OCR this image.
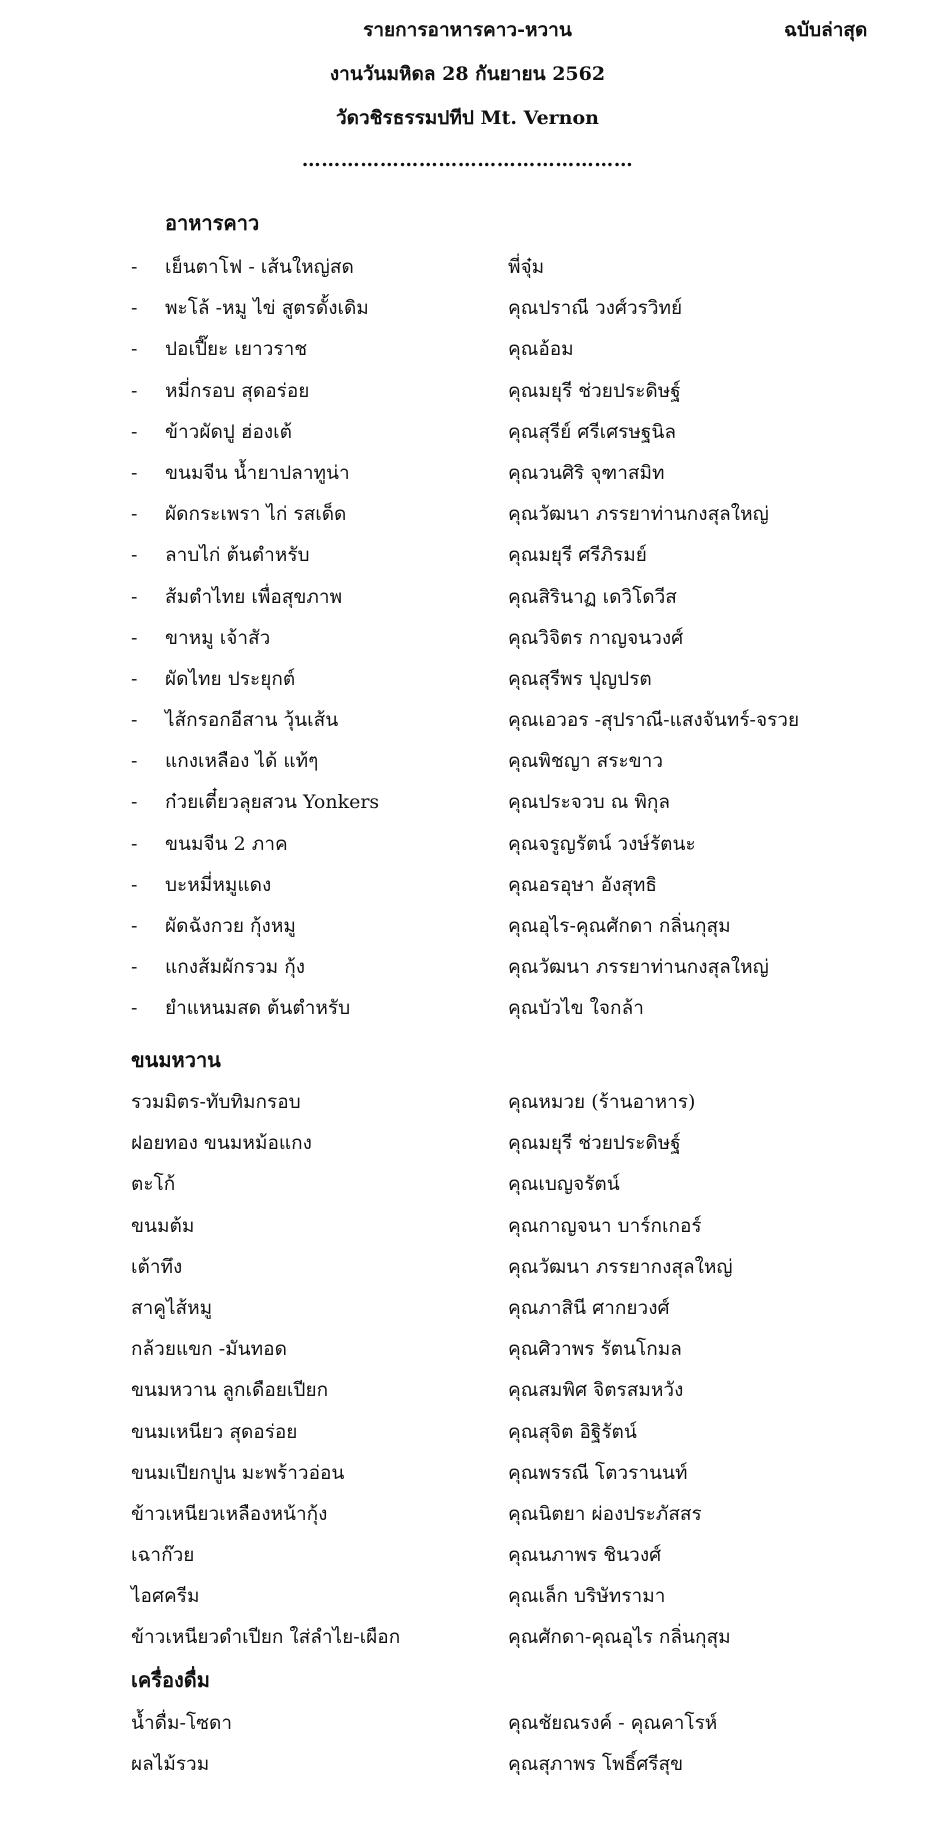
รายการอาหารคาว-หวาน	ฉบับล่าสุด
งานวันมหิดล 28 กันยายน 2562
วัดวชิรธรรมปทีป Mt. Vernon
……………………………………………
อาหารคาว
- เย็นตาโฟ - เส้นใหญ่สด	พี่จุ๋ม
- พะโล้ -หมู ไข่ สูตรดั้งเดิม	คุณปราณี วงศ์วรวิทย์
- ปอเปี๊ยะ เยาวราช	คุณอ้อม
- หมี่กรอบ สุดอร่อย	คุณมยุรี ช่วยประดิษฐ์
- ข้าวผัดปู ฮ่องเต้	คุณสุรีย์ ศรีเศรษฐนิล
- ขนมจีน น้ำยาปลาทูน่า	คุณวนศิริ จุฑาสมิท
- ผัดกระเพรา ไก่ รสเด็ด	คุณวัฒนา ภรรยาท่านกงสุลใหญ่
- ลาบไก่ ต้นตำหรับ	คุณมยุรี ศรีภิรมย์
- ส้มตำไทย เพื่อสุขภาพ	คุณสิรินาฏ เดวิโดวีส
- ขาหมู เจ้าสัว	คุณวิจิตร กาญจนวงศ์
- ผัดไทย ประยุกต์	คุณสุรีพร ปุญปรต
- ไส้กรอกอีสาน วุ้นเส้น	คุณเอวอร -สุปราณี-แสงจันทร์-จรวย
- แกงเหลือง ได้ แท้ๆ	คุณพิชญา สระขาว
- ก๋วยเตี๋ยวลุยสวน Yonkers	คุณประจวบ ณ พิกุล
- ขนมจีน 2 ภาค	คุณจรูญรัตน์ วงษ์รัตนะ
- บะหมี่หมูแดง	คุณอรอุษา อังสุทธิ
- ผัดฉังกวย กุ้งหมู	คุณอุไร-คุณศักดา กลิ่นกุสุม
- แกงส้มผักรวม กุ้ง	คุณวัฒนา ภรรยาท่านกงสุลใหญ่
- ยำแหนมสด ต้นตำหรับ	คุณบัวไข ใจกล้า
ขนมหวาน
รวมมิตร-ทับทิมกรอบ	คุณหมวย (ร้านอาหาร)
ฝอยทอง ขนมหม้อแกง	คุณมยุรี ช่วยประดิษฐ์
ตะโก้	คุณเบญจรัตน์
ขนมต้ม	คุณกาญจนา บาร์กเกอร์
เต้าทึง	คุณวัฒนา ภรรยากงสุลใหญ่
สาคูไส้หมู	คุณภาสินี ศากยวงศ์
กล้วยแขก -มันทอด	คุณศิวาพร รัตนโกมล
ขนมหวาน ลูกเดือยเปียก	คุณสมพิศ จิตรสมหวัง
ขนมเหนียว สุดอร่อย	คุณสุจิต อิฐิรัตน์
ขนมเปียกปูน มะพร้าวอ่อน	คุณพรรณี โตวรานนท์
ข้าวเหนียวเหลืองหน้ากุ้ง	คุณนิตยา ผ่องประภัสสร
เฉาก๊วย	คุณนภาพร ชินวงศ์
ไอศครีม	คุณเล็ก บริษัทรามา
ข้าวเหนียวดำเปียก ใส่ลำไย-เผือก	คุณศักดา-คุณอุไร กลิ่นกุสุม
เครื่องดื่ม
น้ำดื่ม-โซดา	คุณชัยณรงค์ - คุณคาโรห์
ผลไม้รวม	คุณสุภาพร โพธิ์ศรีสุข
